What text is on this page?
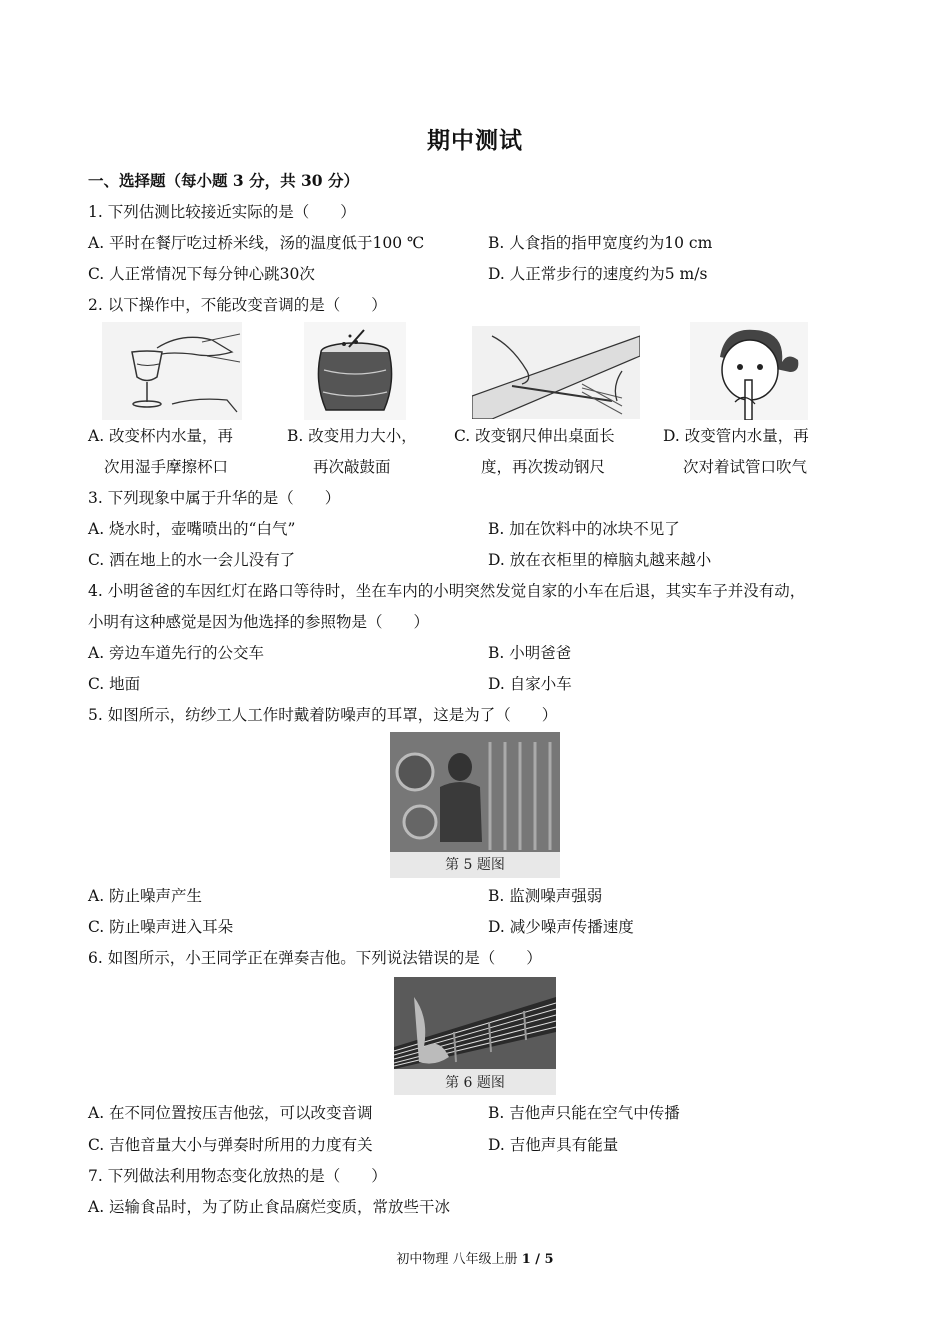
期中测试
一、选择题（每小题 3 分，共 30 分）
1. 下列估测比较接近实际的是（　　）
A. 平时在餐厅吃过桥米线，汤的温度低于100 ℃	B. 人食指的指甲宽度约为10 cm
C. 人正常情况下每分钟心跳30次	D. 人正常步行的速度约为5 m/s
2. 以下操作中，不能改变音调的是（　　）
A. 改变杯内水量，再
次用湿手摩擦杯口
B. 改变用力大小，
再次敲鼓面
C. 改变钢尺伸出桌面长
度，再次拨动钢尺
D. 改变管内水量，再
次对着试管口吹气
3. 下列现象中属于升华的是（　　）
A. 烧水时，壶嘴喷出的“白气”	B. 加在饮料中的冰块不见了
C. 洒在地上的水一会儿没有了	D. 放在衣柜里的樟脑丸越来越小
4. 小明爸爸的车因红灯在路口等待时，坐在车内的小明突然发觉自家的小车在后退，其实车子并没有动，
小明有这种感觉是因为他选择的参照物是（　　）
A. 旁边车道先行的公交车	B. 小明爸爸
C. 地面	D. 自家小车
5. 如图所示，纺纱工人工作时戴着防噪声的耳罩，这是为了（　　）
第 5 题图
A. 防止噪声产生	B. 监测噪声强弱
C. 防止噪声进入耳朵	D. 减少噪声传播速度
6. 如图所示，小王同学正在弹奏吉他。下列说法错误的是（　　）
第 6 题图
A. 在不同位置按压吉他弦，可以改变音调	B. 吉他声只能在空气中传播
C. 吉他音量大小与弹奏时所用的力度有关	D. 吉他声具有能量
7. 下列做法利用物态变化放热的是（　　）
A. 运输食品时，为了防止食品腐烂变质，常放些干冰
初中物理 八年级上册 1 / 5
